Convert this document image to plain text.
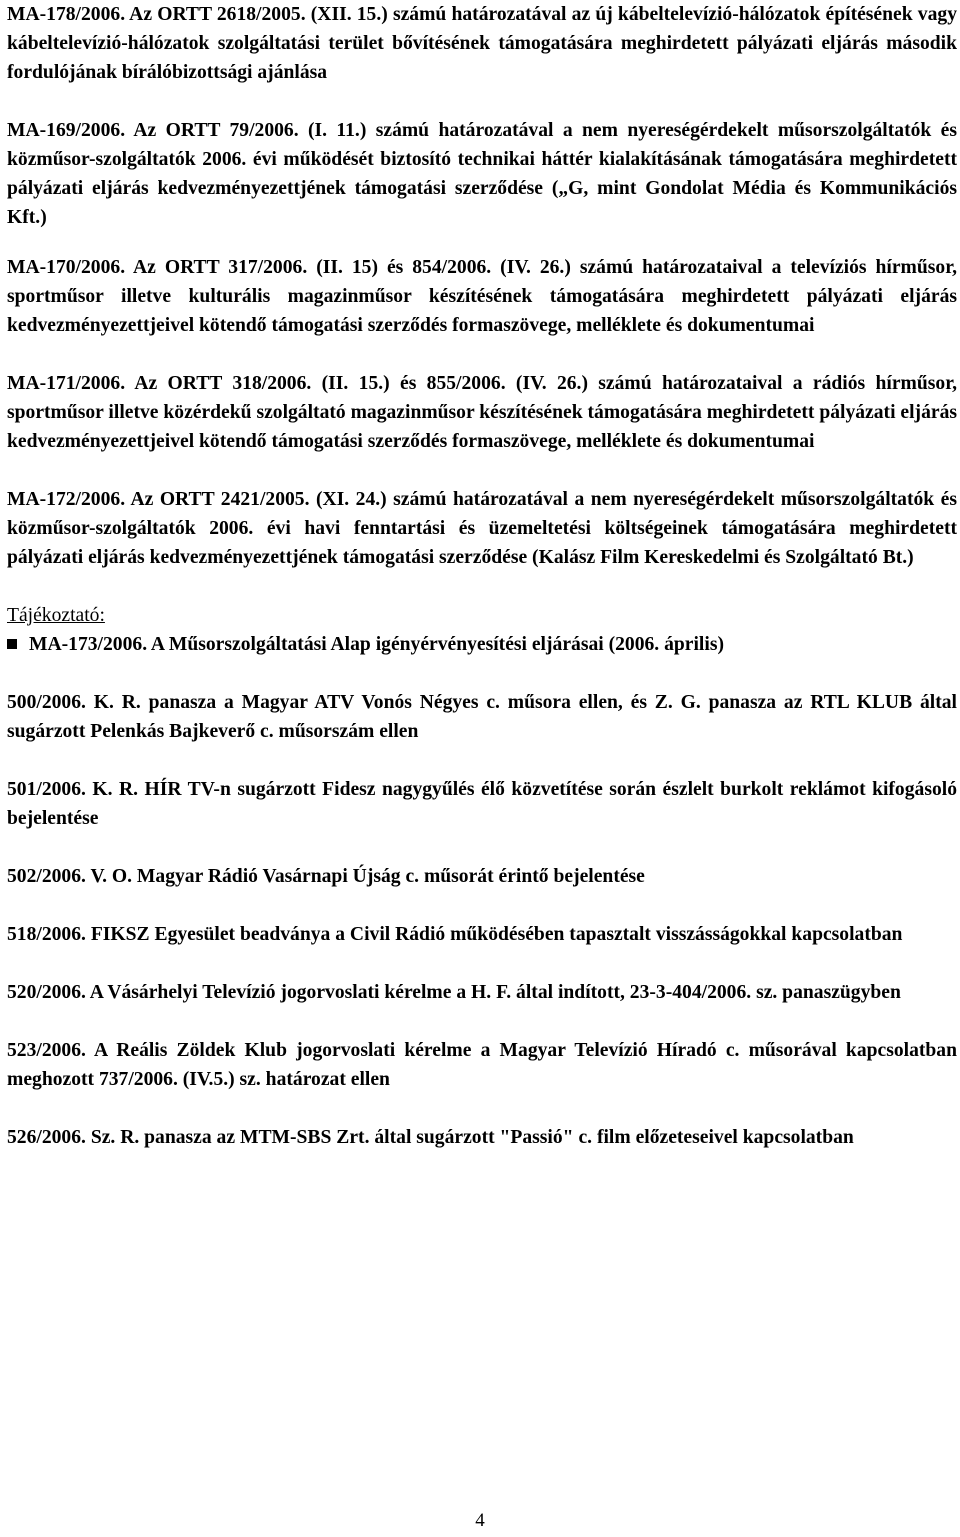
MA-178/2006. Az ORTT 2618/2005. (XII. 15.) számú határozatával az új kábeltelevízió-hálózatok építésének vagy kábeltelevízió-hálózatok szolgáltatási terület bővítésének támogatására meghirdetett pályázati eljárás második fordulójának bírálóbizottsági ajánlása

MA-169/2006. Az ORTT 79/2006. (I. 11.) számú határozatával a nem nyereségérdekelt műsorszolgáltatók és közműsor-szolgáltatók 2006. évi működését biztosító technikai háttér kialakításának támogatására meghirdetett pályázati eljárás kedvezményezettjének támogatási szerződése („G, mint Gondolat Média és Kommunikációs Kft.)

MA-170/2006. Az ORTT 317/2006. (II. 15) és 854/2006. (IV. 26.) számú határozataival a televíziós hírműsor, sportműsor illetve kulturális magazinműsor készítésének támogatására meghirdetett pályázati eljárás kedvezményezettjeivel kötendő támogatási szerződés formaszövege, melléklete és dokumentumai

MA-171/2006. Az ORTT 318/2006. (II. 15.) és 855/2006. (IV. 26.) számú határozataival a rádiós hírműsor, sportműsor illetve közérdekű szolgáltató magazinműsor készítésének támogatására meghirdetett pályázati eljárás kedvezményezettjeivel kötendő támogatási szerződés formaszövege, melléklete és dokumentumai

MA-172/2006. Az ORTT 2421/2005. (XI. 24.) számú határozatával a nem nyereségérdekelt műsorszolgáltatók és közműsor-szolgáltatók 2006. évi havi fenntartási és üzemeltetési költségeinek támogatására meghirdetett pályázati eljárás kedvezményezettjének támogatási szerződése (Kalász Film Kereskedelmi és Szolgáltató Bt.)

Tájékoztató:

MA-173/2006. A Műsorszolgáltatási Alap igényérvényesítési eljárásai (2006. április)

500/2006. K. R. panasza a Magyar ATV Vonós Négyes c. műsora ellen, és Z. G. panasza az RTL KLUB által sugárzott Pelenkás Bajkeverő c. műsorszám ellen

501/2006. K. R. HÍR TV-n sugárzott Fidesz nagygyűlés élő közvetítése során észlelt burkolt reklámot kifogásoló bejelentése

502/2006. V. O. Magyar Rádió Vasárnapi Újság c. műsorát érintő bejelentése

518/2006. FIKSZ Egyesület beadványa a Civil Rádió működésében tapasztalt visszásságokkal kapcsolatban

520/2006. A Vásárhelyi Televízió jogorvoslati kérelme a H. F. által indított, 23-3-404/2006. sz. panaszügyben

523/2006. A Reális Zöldek Klub jogorvoslati kérelme a Magyar Televízió Híradó c. műsorával kapcsolatban meghozott 737/2006. (IV.5.) sz. határozat ellen

526/2006. Sz. R. panasza az MTM-SBS Zrt. által sugárzott "Passió" c. film előzeteseivel kapcsolatban

4
